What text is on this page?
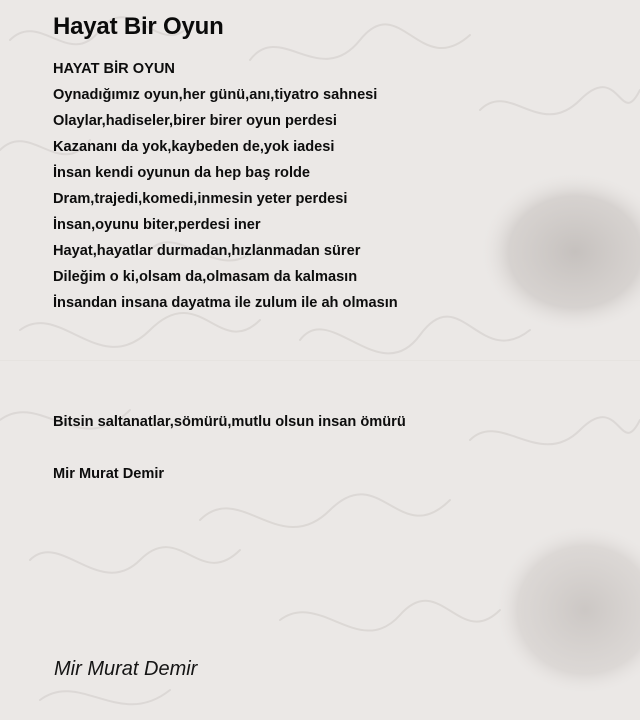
Hayat Bir Oyun
HAYAT BİR OYUN
Oynadığımız oyun,her günü,anı,tiyatro sahnesi
Olaylar,hadiseler,birer birer oyun perdesi
Kazananı da yok,kaybeden de,yok iadesi
İnsan kendi oyunun da hep baş rolde
Dram,trajedi,komedi,inmesin yeter perdesi
İnsan,oyunu biter,perdesi iner
Hayat,hayatlar durmadan,hızlanmadan sürer
Dileğim o ki,olsam da,olmasam da kalmasın
İnsandan insana dayatma ile zulum ile ah olmasın
Bitsin saltanatlar,sömürü,mutlu olsun insan ömürü
Mir Murat Demir
Mir Murat Demir
